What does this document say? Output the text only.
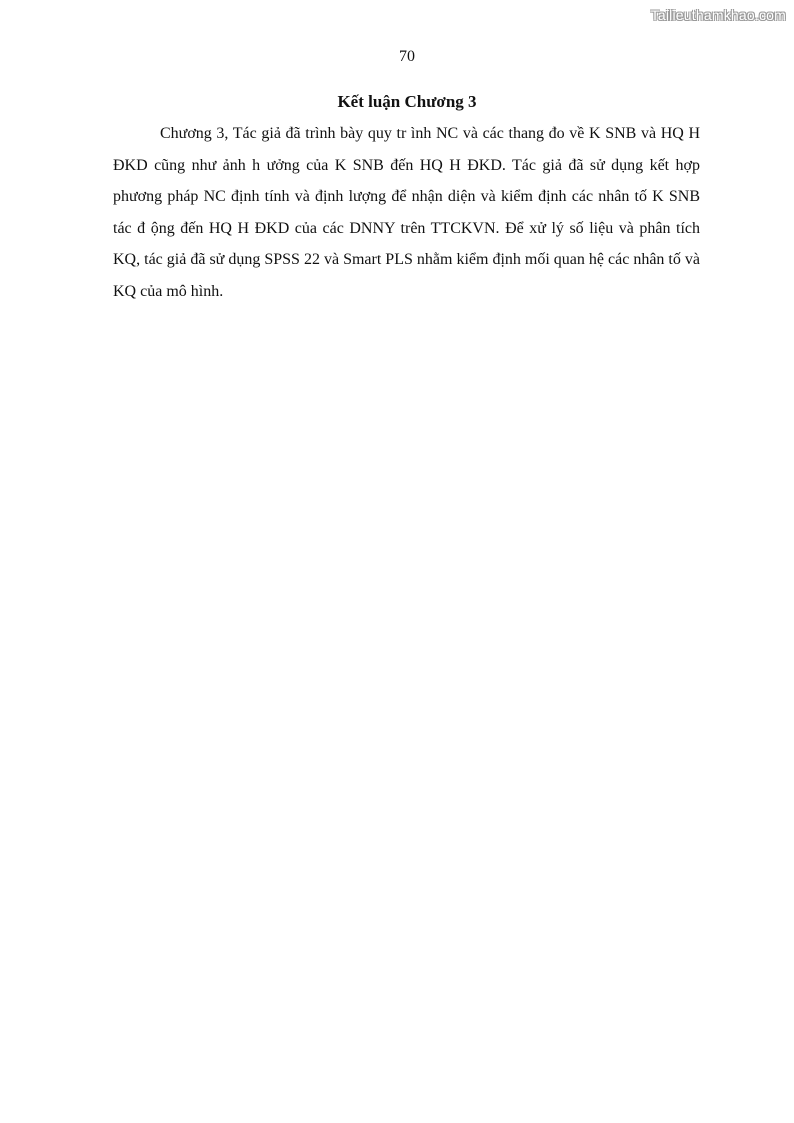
Tailieuthamkhao.com
70
Kết luận Chương 3

Chương 3, Tác giả đã trình bày quy tr ình NC và các thang đo về K SNB và HQ H ĐKD cũng như ảnh h ưởng của K SNB đến HQ H ĐKD. Tác giả đã sử dụng kết hợp phương pháp NC định tính và định lượng để nhận diện và kiểm định các nhân tố K SNB tác đ ộng đến HQ H ĐKD của các DNNY trên TTCKVN. Để xử lý số liệu và phân tích KQ, tác giả đã sử dụng SPSS 22 và Smart PLS nhằm kiểm định mối quan hệ các nhân tố và KQ của mô hình.
